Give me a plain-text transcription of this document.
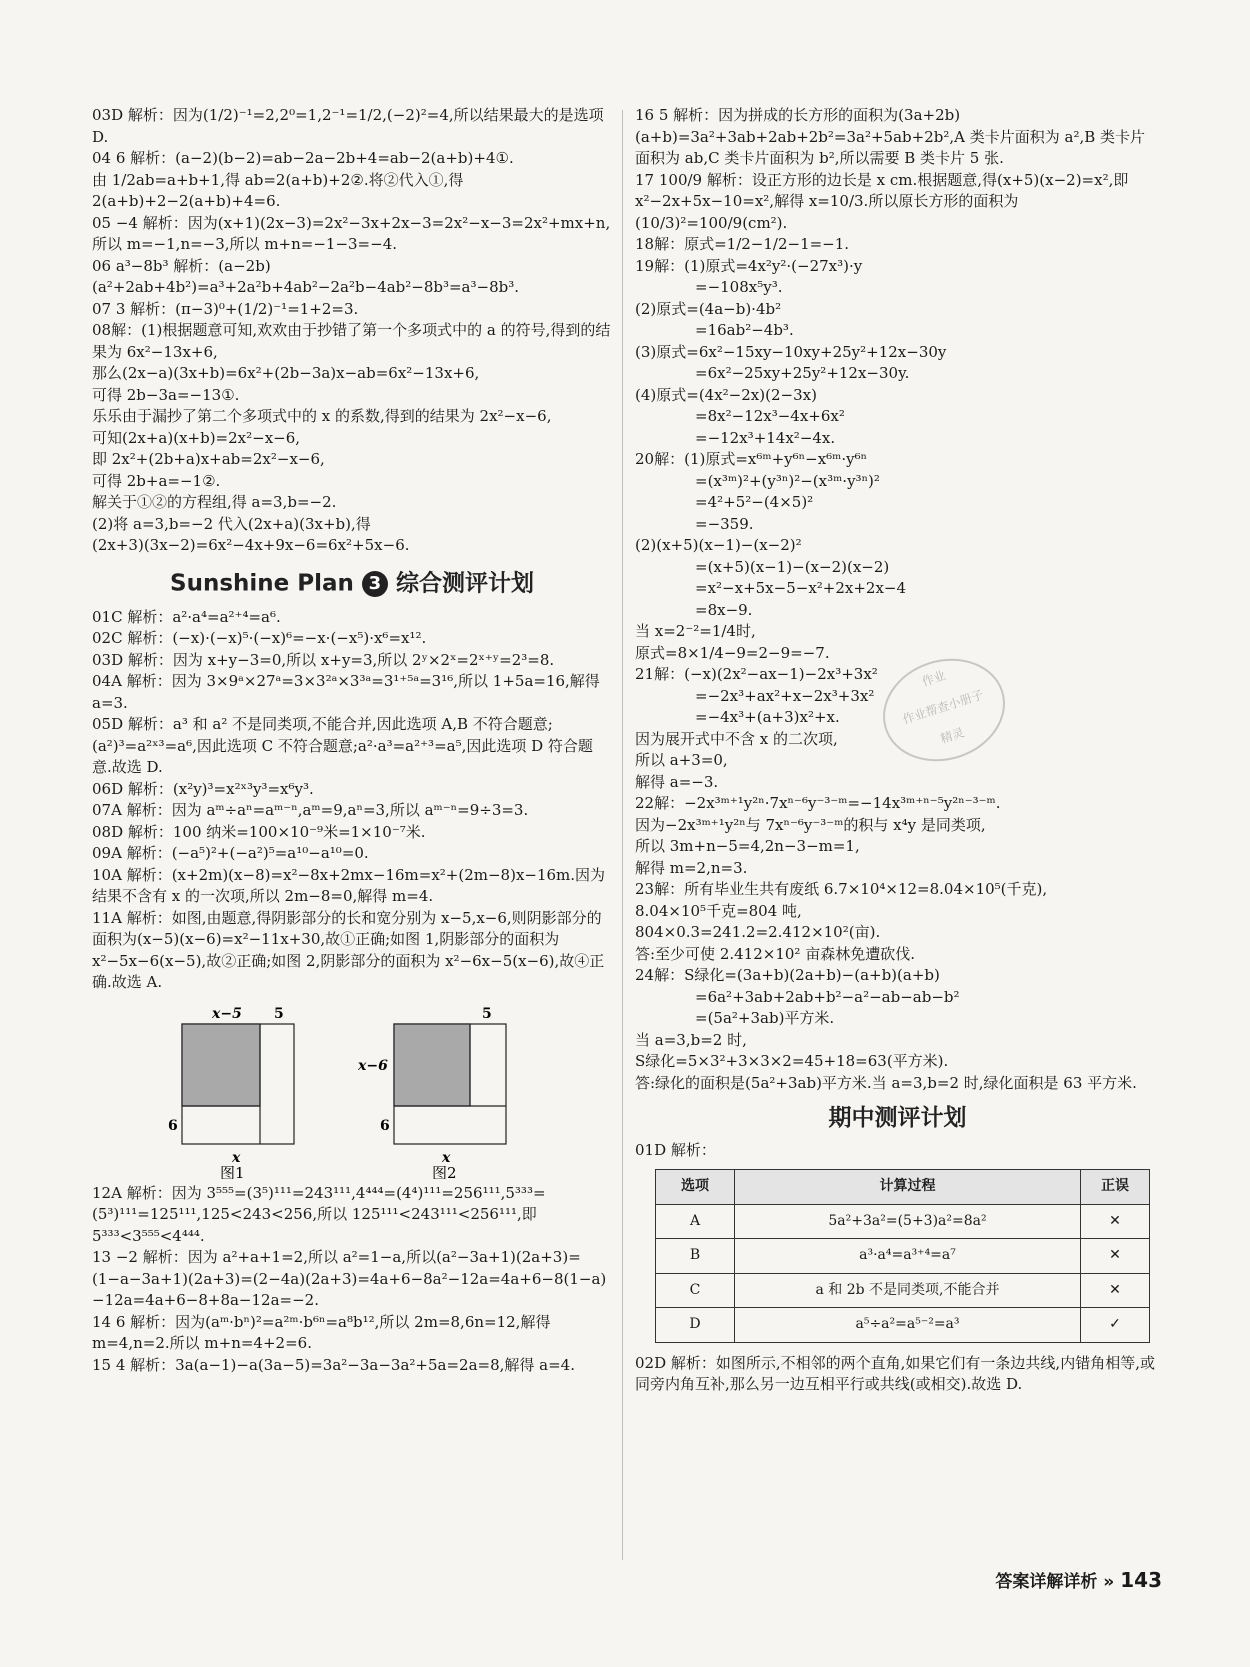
03D 解析：因为(1/2)⁻¹=2,2⁰=1,2⁻¹=1/2,(−2)²=4,所以结果最大的是选项 D.

04 6 解析：(a−2)(b−2)=ab−2a−2b+4=ab−2(a+b)+4①.

由 1/2ab=a+b+1,得 ab=2(a+b)+2②.将②代入①,得 2(a+b)+2−2(a+b)+4=6.

05 −4 解析：因为(x+1)(2x−3)=2x²−3x+2x−3=2x²−x−3=2x²+mx+n,所以 m=−1,n=−3,所以 m+n=−1−3=−4.

06 a³−8b³ 解析：(a−2b)(a²+2ab+4b²)=a³+2a²b+4ab²−2a²b−4ab²−8b³=a³−8b³.

07 3 解析：(π−3)⁰+(1/2)⁻¹=1+2=3.

08解：(1)根据题意可知,欢欢由于抄错了第一个多项式中的 a 的符号,得到的结果为 6x²−13x+6,

那么(2x−a)(3x+b)=6x²+(2b−3a)x−ab=6x²−13x+6,

可得 2b−3a=−13①.

乐乐由于漏抄了第二个多项式中的 x 的系数,得到的结果为 2x²−x−6,

可知(2x+a)(x+b)=2x²−x−6,

即 2x²+(2b+a)x+ab=2x²−x−6,

可得 2b+a=−1②.

解关于①②的方程组,得 a=3,b=−2.

(2)将 a=3,b=−2 代入(2x+a)(3x+b),得

(2x+3)(3x−2)=6x²−4x+9x−6=6x²+5x−6.

Sunshine Plan 3 综合测评计划

01C 解析：a²·a⁴=a²⁺⁴=a⁶.

02C 解析：(−x)·(−x)⁵·(−x)⁶=−x·(−x⁵)·x⁶=x¹².

03D 解析：因为 x+y−3=0,所以 x+y=3,所以 2ʸ×2ˣ=2ˣ⁺ʸ=2³=8.

04A 解析：因为 3×9ᵃ×27ᵃ=3×3²ᵃ×3³ᵃ=3¹⁺⁵ᵃ=3¹⁶,所以 1+5a=16,解得 a=3.

05D 解析：a³ 和 a² 不是同类项,不能合并,因此选项 A,B 不符合题意;(a²)³=a²ˣ³=a⁶,因此选项 C 不符合题意;a²·a³=a²⁺³=a⁵,因此选项 D 符合题意.故选 D.

06D 解析：(x²y)³=x²ˣ³y³=x⁶y³.

07A 解析：因为 aᵐ÷aⁿ=aᵐ⁻ⁿ,aᵐ=9,aⁿ=3,所以 aᵐ⁻ⁿ=9÷3=3.

08D 解析：100 纳米=100×10⁻⁹米=1×10⁻⁷米.

09A 解析：(−a⁵)²+(−a²)⁵=a¹⁰−a¹⁰=0.

10A 解析：(x+2m)(x−8)=x²−8x+2mx−16m=x²+(2m−8)x−16m.因为结果不含有 x 的一次项,所以 2m−8=0,解得 m=4.

11A 解析：如图,由题意,得阴影部分的长和宽分别为 x−5,x−6,则阴影部分的面积为(x−5)(x−6)=x²−11x+30,故①正确;如图 1,阴影部分的面积为 x²−5x−6(x−5),故②正确;如图 2,阴影部分的面积为 x²−6x−5(x−6),故④正确.故选 A.

x−5 5
6
x
图1
5
x−6
6
x
图2

12A 解析：因为 3⁵⁵⁵=(3⁵)¹¹¹=243¹¹¹,4⁴⁴⁴=(4⁴)¹¹¹=256¹¹¹,5³³³=(5³)¹¹¹=125¹¹¹,125<243<256,所以 125¹¹¹<243¹¹¹<256¹¹¹,即 5³³³<3⁵⁵⁵<4⁴⁴⁴.

13 −2 解析：因为 a²+a+1=2,所以 a²=1−a,所以(a²−3a+1)(2a+3)=(1−a−3a+1)(2a+3)=(2−4a)(2a+3)=4a+6−8a²−12a=4a+6−8(1−a)−12a=4a+6−8+8a−12a=−2.

14 6 解析：因为(aᵐ·bⁿ)²=a²ᵐ·b⁶ⁿ=a⁸b¹²,所以 2m=8,6n=12,解得 m=4,n=2.所以 m+n=4+2=6.

15 4 解析：3a(a−1)−a(3a−5)=3a²−3a−3a²+5a=2a=8,解得 a=4.

16 5 解析：因为拼成的长方形的面积为(3a+2b)(a+b)=3a²+3ab+2ab+2b²=3a²+5ab+2b²,A 类卡片面积为 a²,B 类卡片面积为 ab,C 类卡片面积为 b²,所以需要 B 类卡片 5 张.

17 100/9 解析：设正方形的边长是 x cm.根据题意,得(x+5)(x−2)=x²,即 x²−2x+5x−10=x²,解得 x=10/3.所以原长方形的面积为(10/3)²=100/9(cm²).

18解：原式=1/2−1/2−1=−1.

19解：(1)原式=4x²y²·(−27x³)·y

=−108x⁵y³.

(2)原式=(4a−b)·4b²

=16ab²−4b³.

(3)原式=6x²−15xy−10xy+25y²+12x−30y

=6x²−25xy+25y²+12x−30y.

(4)原式=(4x²−2x)(2−3x)

=8x²−12x³−4x+6x²

=−12x³+14x²−4x.

20解：(1)原式=x⁶ᵐ+y⁶ⁿ−x⁶ᵐ·y⁶ⁿ

=(x³ᵐ)²+(y³ⁿ)²−(x³ᵐ·y³ⁿ)²

=4²+5²−(4×5)²

=−359.

(2)(x+5)(x−1)−(x−2)²

=(x+5)(x−1)−(x−2)(x−2)

=x²−x+5x−5−x²+2x+2x−4

=8x−9.

当 x=2⁻²=1/4时,

原式=8×1/4−9=2−9=−7.

21解：(−x)(2x²−ax−1)−2x³+3x²

=−2x³+ax²+x−2x³+3x²

=−4x³+(a+3)x²+x.

因为展开式中不含 x 的二次项,

所以 a+3=0,

解得 a=−3.

22解：−2x³ᵐ⁺¹y²ⁿ·7xⁿ⁻⁶y⁻³⁻ᵐ=−14x³ᵐ⁺ⁿ⁻⁵y²ⁿ⁻³⁻ᵐ.

因为−2x³ᵐ⁺¹y²ⁿ与 7xⁿ⁻⁶y⁻³⁻ᵐ的积与 x⁴y 是同类项,

所以 3m+n−5=4,2n−3−m=1,

解得 m=2,n=3.

23解：所有毕业生共有废纸 6.7×10⁴×12=8.04×10⁵(千克),

8.04×10⁵千克=804 吨,

804×0.3=241.2=2.412×10²(亩).

答:至少可使 2.412×10² 亩森林免遭砍伐.

24解：S绿化=(3a+b)(2a+b)−(a+b)(a+b)

=6a²+3ab+2ab+b²−a²−ab−ab−b²

=(5a²+3ab)平方米.

当 a=3,b=2 时,

S绿化=5×3²+3×3×2=45+18=63(平方米).

答:绿化的面积是(5a²+3ab)平方米.当 a=3,b=2 时,绿化面积是 63 平方米.

期中测评计划

01D 解析：

选项	计算过程	正误
A	5a²+3a²=(5+3)a²=8a²	✕
B	a³·a⁴=a³⁺⁴=a⁷	✕
C	a 和 2b 不是同类项,不能合并	✕
D	a⁵÷a²=a⁵⁻²=a³	✓

02D 解析：如图所示,不相邻的两个直角,如果它们有一条边共线,内错角相等,或同旁内角互补,那么另一边互相平行或共线(或相交).故选 D.

作业
作业帮查小册子
精灵
答案详解详析 » 143
